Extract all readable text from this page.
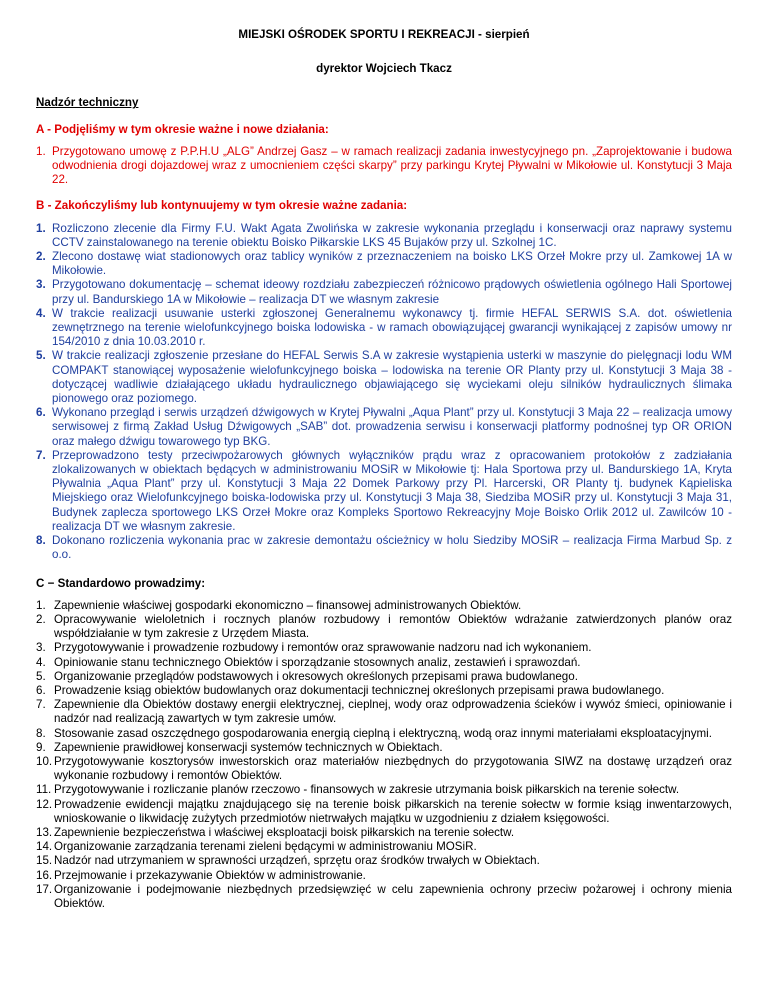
MIEJSKI OŚRODEK SPORTU I REKREACJI - sierpień

dyrektor Wojciech Tkacz

Nadzór techniczny

A - Podjęliśmy w tym okresie ważne i nowe działania:

1. Przygotowano umowę z P.P.H.U „ALG” Andrzej Gasz – w ramach realizacji zadania inwestycyjnego pn. „Zaprojektowanie i budowa odwodnienia drogi dojazdowej wraz z umocnieniem części skarpy” przy parkingu Krytej Pływalni w Mikołowie ul. Konstytucji 3 Maja 22.

B - Zakończyliśmy lub kontynuujemy w tym okresie ważne zadania:

1. Rozliczono zlecenie dla Firmy F.U. Wakt Agata Zwolińska w zakresie wykonania przeglądu i konserwacji oraz naprawy systemu CCTV zainstalowanego na terenie obiektu Boisko Piłkarskie LKS 45 Bujaków przy ul. Szkolnej 1C.
2. Zlecono dostawę wiat stadionowych oraz tablicy wyników z przeznaczeniem na boisko LKS Orzeł Mokre przy ul. Zamkowej 1A w Mikołowie.
3. Przygotowano dokumentację – schemat ideowy rozdziału zabezpieczeń różnicowo prądowych oświetlenia ogólnego Hali Sportowej przy ul. Bandurskiego 1A w Mikołowie – realizacja DT we własnym zakresie
4. W trakcie realizacji usuwanie usterki zgłoszonej Generalnemu wykonawcy tj. firmie HEFAL SERWIS S.A. dot. oświetlenia zewnętrznego na terenie wielofunkcyjnego boiska lodowiska - w ramach obowiązującej gwarancji wynikającej z zapisów umowy nr 154/2010 z dnia 10.03.2010 r.
5. W trakcie realizacji zgłoszenie przesłane do HEFAL Serwis S.A w zakresie wystąpienia usterki w maszynie do pielęgnacji lodu WM COMPAKT stanowiącej wyposażenie wielofunkcyjnego boiska – lodowiska na terenie OR Planty przy ul. Konstytucji 3 Maja 38 - dotyczącej wadliwie działającego układu hydraulicznego objawiającego się wyciekami oleju silników hydraulicznych ślimaka pionowego oraz poziomego.
6. Wykonano przegląd i serwis urządzeń dźwigowych w Krytej Pływalni „Aqua Plant” przy ul. Konstytucji 3 Maja 22 – realizacja umowy serwisowej z firmą Zakład Usług Dźwigowych „SAB” dot. prowadzenia serwisu i konserwacji platformy podnośnej typ OR ORION oraz małego dźwigu towarowego typ BKG.
7. Przeprowadzono testy przeciwpożarowych głównych wyłączników prądu wraz z opracowaniem protokołów z zadziałania zlokalizowanych w obiektach będących w administrowaniu MOSiR w Mikołowie tj: Hala Sportowa przy ul. Bandurskiego 1A, Kryta Pływalnia „Aqua Plant” przy ul. Konstytucji 3 Maja 22 Domek Parkowy przy Pl. Harcerski, OR Planty tj. budynek Kąpieliska Miejskiego oraz Wielofunkcyjnego boiska-lodowiska przy ul. Konstytucji 3 Maja 38, Siedziba MOSiR przy ul. Konstytucji 3 Maja 31, Budynek zaplecza sportowego LKS Orzeł Mokre oraz Kompleks Sportowo Rekreacyjny Moje Boisko Orlik 2012 ul. Zawilców 10 - realizacja DT we własnym zakresie.
8. Dokonano rozliczenia wykonania prac w zakresie demontażu ościeżnicy w holu Siedziby MOSiR – realizacja Firma Marbud Sp. z o.o.

C − Standardowo prowadzimy:

1. Zapewnienie właściwej gospodarki ekonomiczno – finansowej administrowanych Obiektów.
2. Opracowywanie wieloletnich i rocznych planów rozbudowy i remontów Obiektów wdrażanie zatwierdzonych planów oraz współdziałanie w tym zakresie z Urzędem Miasta.
3. Przygotowywanie i prowadzenie rozbudowy i remontów oraz sprawowanie nadzoru nad ich wykonaniem.
4. Opiniowanie stanu technicznego Obiektów i sporządzanie stosownych analiz, zestawień i sprawozdań.
5. Organizowanie przeglądów podstawowych i okresowych określonych przepisami prawa budowlanego.
6. Prowadzenie ksiąg obiektów budowlanych oraz dokumentacji technicznej określonych przepisami prawa budowlanego.
7. Zapewnienie dla Obiektów dostawy energii elektrycznej, cieplnej, wody oraz odprowadzenia ścieków i wywóz śmieci, opiniowanie i nadzór nad realizacją zawartych w tym zakresie umów.
8. Stosowanie zasad oszczędnego gospodarowania energią cieplną i elektryczną, wodą oraz innymi materiałami eksploatacyjnymi.
9. Zapewnienie prawidłowej konserwacji systemów technicznych w Obiektach.
10. Przygotowywanie kosztorysów inwestorskich oraz materiałów niezbędnych do przygotowania SIWZ na dostawę urządzeń oraz wykonanie rozbudowy i remontów Obiektów.
11. Przygotowywanie i rozliczanie planów rzeczowo - finansowych w zakresie utrzymania boisk piłkarskich na terenie sołectw.
12. Prowadzenie ewidencji majątku znajdującego się na terenie boisk piłkarskich na terenie sołectw w formie ksiąg inwentarzowych, wnioskowanie o likwidację zużytych przedmiotów nietrwałych majątku w uzgodnieniu z działem księgowości.
13. Zapewnienie bezpieczeństwa i właściwej eksploatacji boisk piłkarskich na terenie sołectw.
14. Organizowanie zarządzania terenami zieleni będącymi w administrowaniu MOSiR.
15. Nadzór nad utrzymaniem w sprawności urządzeń, sprzętu oraz środków trwałych w Obiektach.
16. Przejmowanie i przekazywanie Obiektów w administrowanie.
17. Organizowanie i podejmowanie niezbędnych przedsięwzięć w celu zapewnienia ochrony przeciw pożarowej i ochrony mienia Obiektów.
